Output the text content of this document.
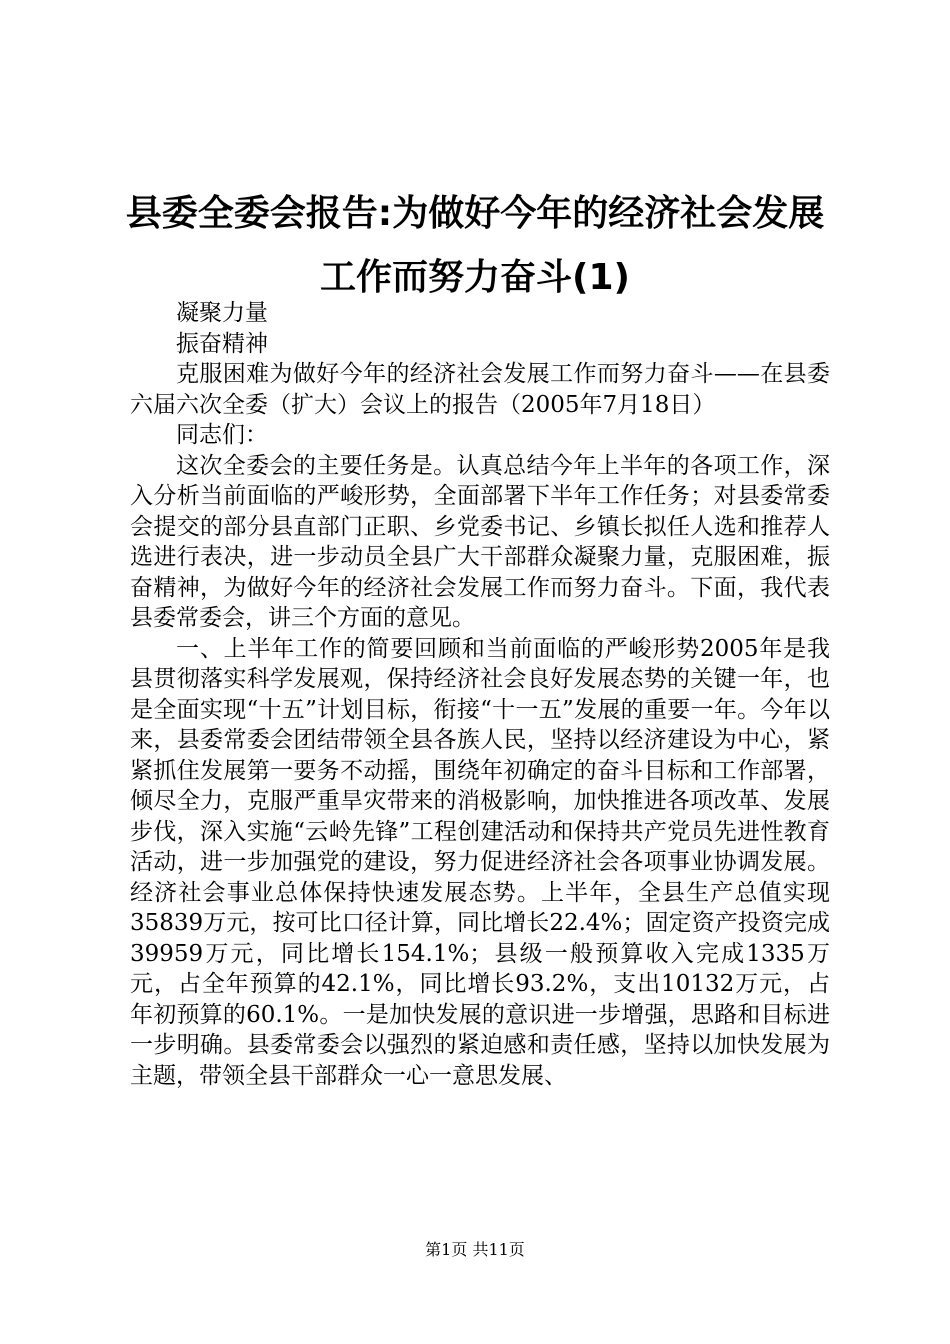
县委全委会报告:为做好今年的经济社会发展
工作而努力奋斗(1)

凝聚力量

振奋精神

克服困难为做好今年的经济社会发展工作而努力奋斗——在县委六届六次全委（扩大）会议上的报告（2005年7月18日）

同志们：

这次全委会的主要任务是。认真总结今年上半年的各项工作，深入分析当前面临的严峻形势，全面部署下半年工作任务；对县委常委会提交的部分县直部门正职、乡党委书记、乡镇长拟任人选和推荐人选进行表决，进一步动员全县广大干部群众凝聚力量，克服困难，振奋精神，为做好今年的经济社会发展工作而努力奋斗。下面，我代表县委常委会，讲三个方面的意见。

一、上半年工作的简要回顾和当前面临的严峻形势2005年是我县贯彻落实科学发展观，保持经济社会良好发展态势的关键一年，也是全面实现“十五”计划目标，衔接“十一五”发展的重要一年。今年以来，县委常委会团结带领全县各族人民，坚持以经济建设为中心，紧紧抓住发展第一要务不动摇，围绕年初确定的奋斗目标和工作部署，倾尽全力，克服严重旱灾带来的消极影响，加快推进各项改革、发展步伐，深入实施“云岭先锋”工程创建活动和保持共产党员先进性教育活动，进一步加强党的建设，努力促进经济社会各项事业协调发展。经济社会事业总体保持快速发展态势。上半年，全县生产总值实现35839万元，按可比口径计算，同比增长22.4%；固定资产投资完成39959万元，同比增长154.1%；县级一般预算收入完成1335万元，占全年预算的42.1%，同比增长93.2%，支出10132万元，占年初预算的60.1%。一是加快发展的意识进一步增强，思路和目标进一步明确。县委常委会以强烈的紧迫感和责任感，坚持以加快发展为主题，带领全县干部群众一心一意思发展、

第1页 共11页
